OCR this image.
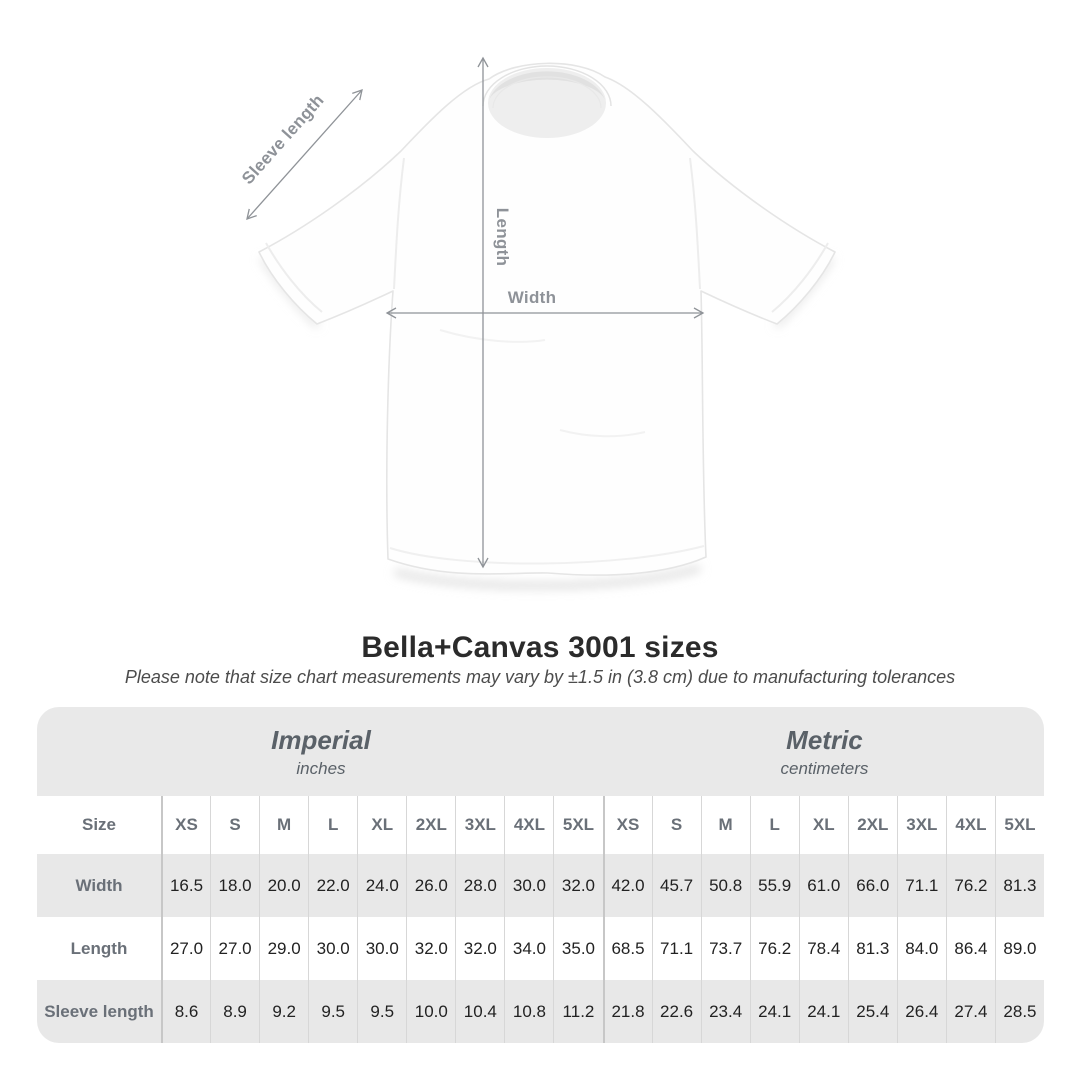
Sleeve length
Length
Width
Bella+Canvas 3001 sizes

Please note that size chart measurements may vary by ±1.5 in (3.8 cm) due to manufacturing tolerances

Imperial
inches
Metric
centimeters
Size	XS	S	M	L	XL	2XL	3XL	4XL	5XL	XS	S	M	L	XL	2XL	3XL	4XL	5XL
Width	16.5 18.0 20.0 22.0 24.0 26.0 28.0 30.0 32.0 42.0 45.7 50.8 55.9 61.0 66.0 71.1 76.2 81.3
Length	27.0 27.0 29.0 30.0 30.0 32.0 32.0 34.0 35.0 68.5 71.1 73.7 76.2 78.4 81.3 84.0 86.4 89.0
Sleeve length	8.6	8.9	9.2	9.5	9.5	10.0 10.4 10.8 11.2	21.8 22.6 23.4 24.1 24.1 25.4 26.4 27.4 28.5
